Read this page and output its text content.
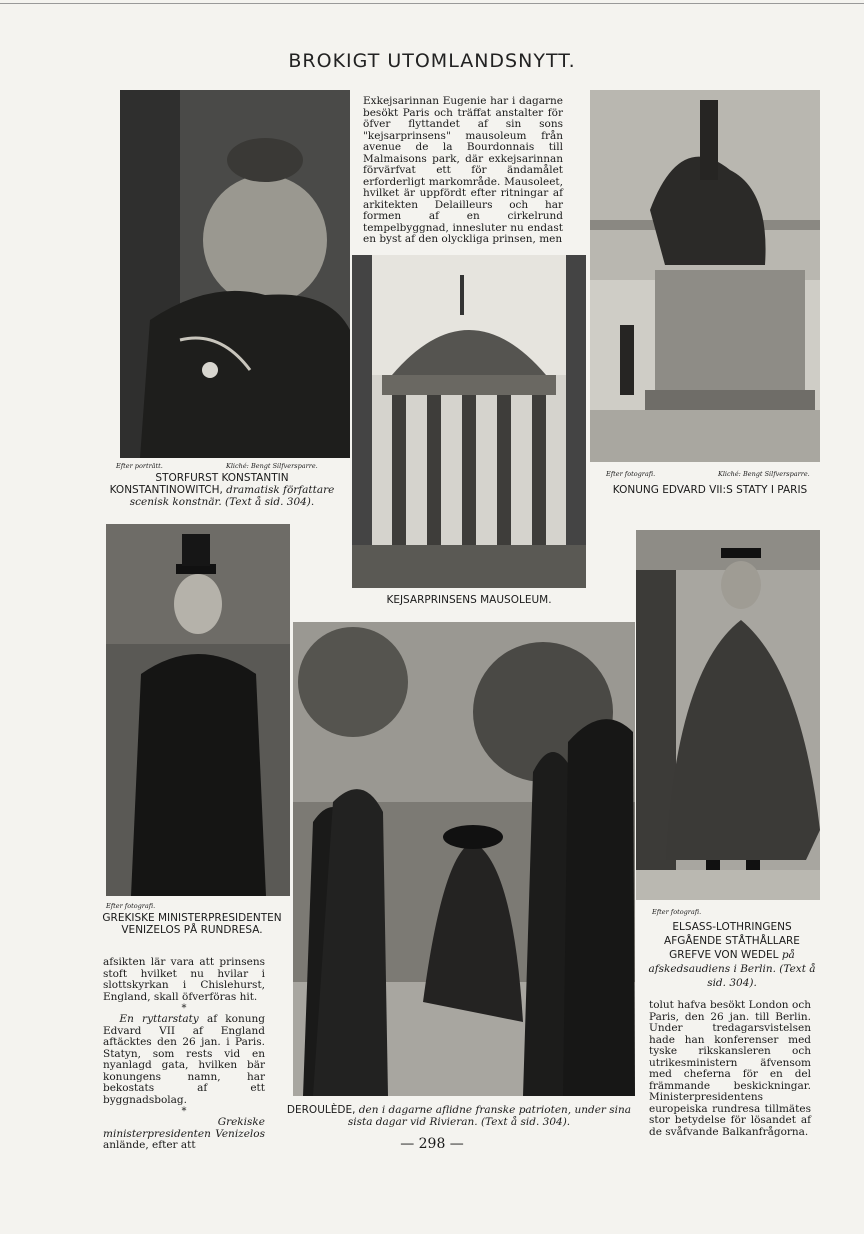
BROKIGT UTOMLANDSNYTT.
Efter porträtt.	Kliché: Bengt Silfversparre.
STORFURST KONSTANTIN KONSTANTINOWITCH, dramatisk författare scenisk konstnär. (Text å sid. 304).
Exkejsarinnan Eugenie har i dagarne besökt Paris och träffat anstalter för öfver flyttandet af sin sons "kejsarprinsens" mausoleum från avenue de la Bourdonnais till Malmaisons park, där exkejsarinnan förvärfvat ett för ändamålet erforderligt markområde. Mausoleet, hvilket är uppfördt efter ritningar af arkitekten Delailleurs och har formen af en cirkelrund tempelbyggnad, innesluter nu endast en byst af den olyckliga prinsen, men
KEJSARPRINSENS MAUSOLEUM.
Efter fotografi.	Kliché: Bengt Silfversparre.
KONUNG EDVARD VII:S STATY I PARIS
Efter fotografi.
GREKISKE MINISTERPRESIDENTEN VENIZELOS PÅ RUNDRESA.

afsikten lär vara att prinsens stoft hvilket nu hvilar i slottskyrkan i Chislehurst, England, skall öfverföras hit.

*

En ryttarstaty af konung Edvard VII af England aftäcktes den 26 jan. i Paris. Statyn, som rests vid en nyanlagd gata, hvilken bär konungens namn, har bekostats af ett byggnadsbolag.

*

Grekiske ministerpresidenten Venizelos anlände, efter att

DEROULÈDE, den i dagarne aflidne franske patrioten, under sina sista dagar vid Rivieran. (Text å sid. 304).
Efter fotografi.
ELSASS-LOTHRINGENS AFGÅENDE STÅTHÅLLARE GREFVE VON WEDEL på afskedsaudiens i Berlin. (Text å sid. 304).
tolut hafva besökt London och Paris, den 26 jan. till Berlin. Under tredagarsvistelsen hade han konferenser med tyske rikskansleren och utrikesministern äfvensom med cheferna för en del främmande beskickningar. Ministerpresidentens europeiska rundresa tillmätes stor betydelse för lösandet af de svåfvande Balkanfrågorna.
— 298 —
